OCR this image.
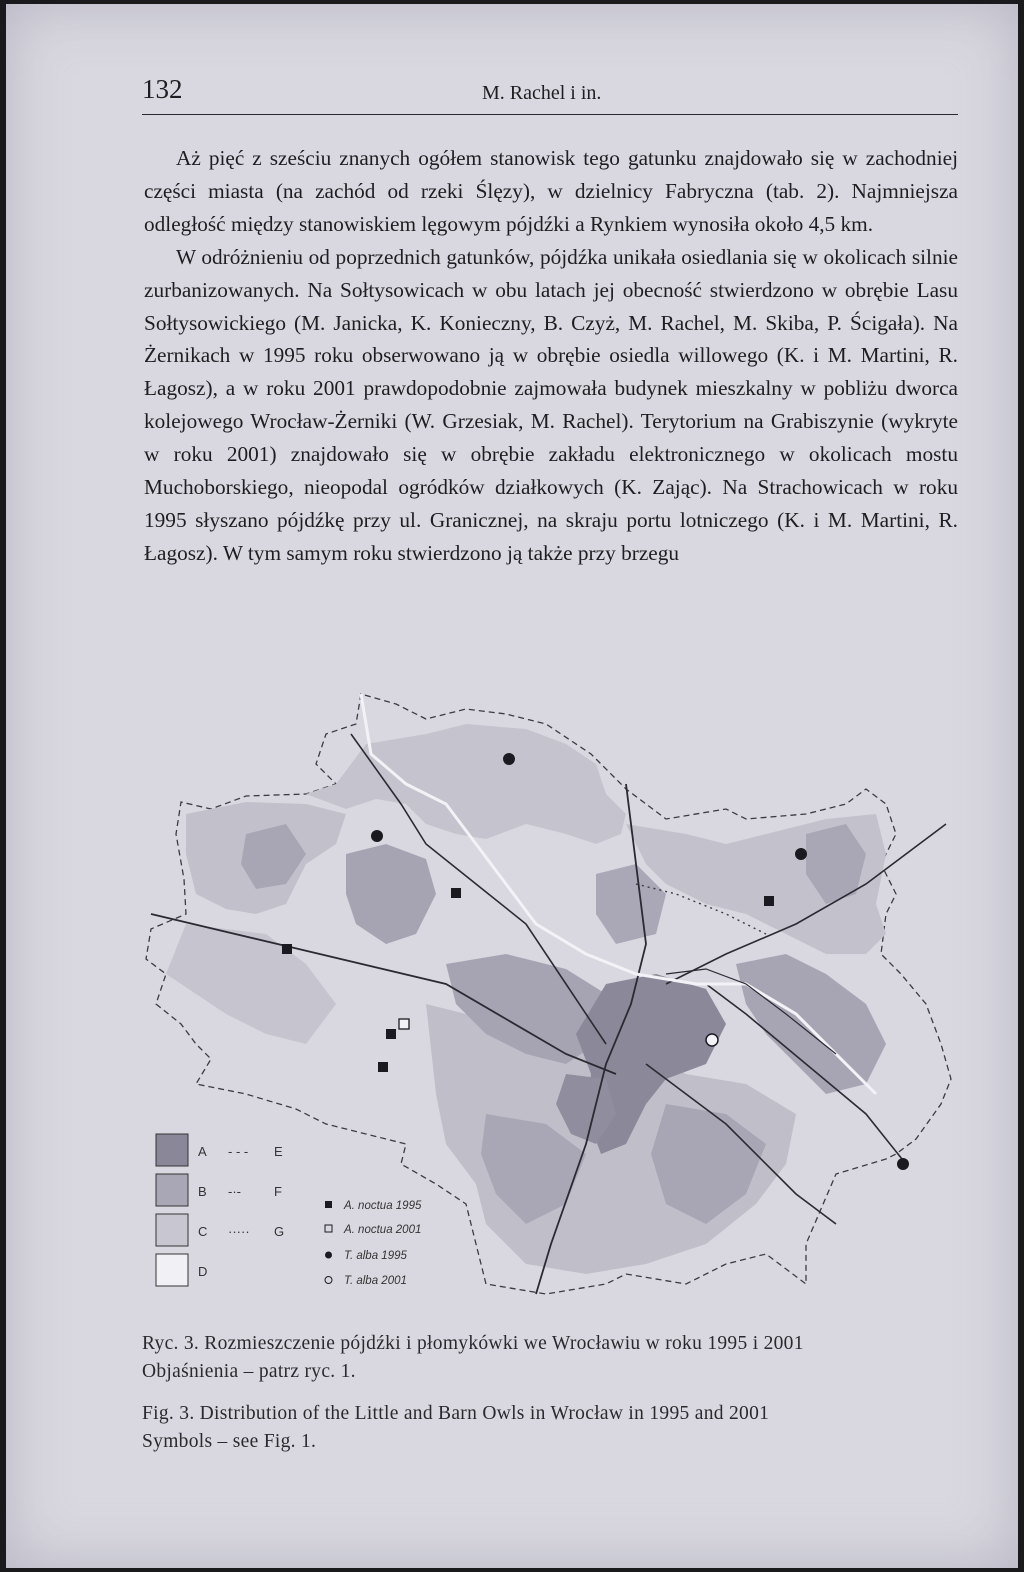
132	M. Rachel i in.

Aż pięć z sześciu znanych ogółem stanowisk tego gatunku znajdowało się w zachodniej części miasta (na zachód od rzeki Ślęzy), w dzielnicy Fabryczna (tab. 2). Najmniejsza odległość między stanowiskiem lęgowym pójdźki a Rynkiem wynosiła około 4,5 km.

W odróżnieniu od poprzednich gatunków, pójdźka unikała osiedlania się w okolicach silnie zurbanizowanych. Na Sołtysowicach w obu latach jej obecność stwierdzono w obrębie Lasu Sołtysowickiego (M. Janicka, K. Konieczny, B. Czyż, M. Rachel, M. Skiba, P. Ścigała). Na Żernikach w 1995 roku obserwowano ją w obrębie osiedla willowego (K. i M. Martini, R. Łagosz), a w roku 2001 prawdopodobnie zajmowała budynek mieszkalny w pobliżu dworca kolejowego Wrocław-Żerniki (W. Grzesiak, M. Rachel). Terytorium na Grabiszynie (wykryte w roku 2001) znajdowało się w obrębie zakładu elektronicznego w okolicach mostu Muchoborskiego, nieopodal ogródków działkowych (K. Zając). Na Strachowicach w roku 1995 słyszano pójdźkę przy ul. Granicznej, na skraju portu lotniczego (K. i M. Martini, R. Łagosz). W tym samym roku stwierdzono ją także przy brzegu

A
B
C
D
- - - E
-·-	F
····· G
A. noctua 1995
A. noctua 2001
T. alba 1995
T. alba 2001
Ryc. 3. Rozmieszczenie pójdźki i płomykówki we Wrocławiu w roku 1995 i 2001
Objaśnienia – patrz ryc. 1.
Fig. 3. Distribution of the Little and Barn Owls in Wrocław in 1995 and 2001
Symbols – see Fig. 1.
